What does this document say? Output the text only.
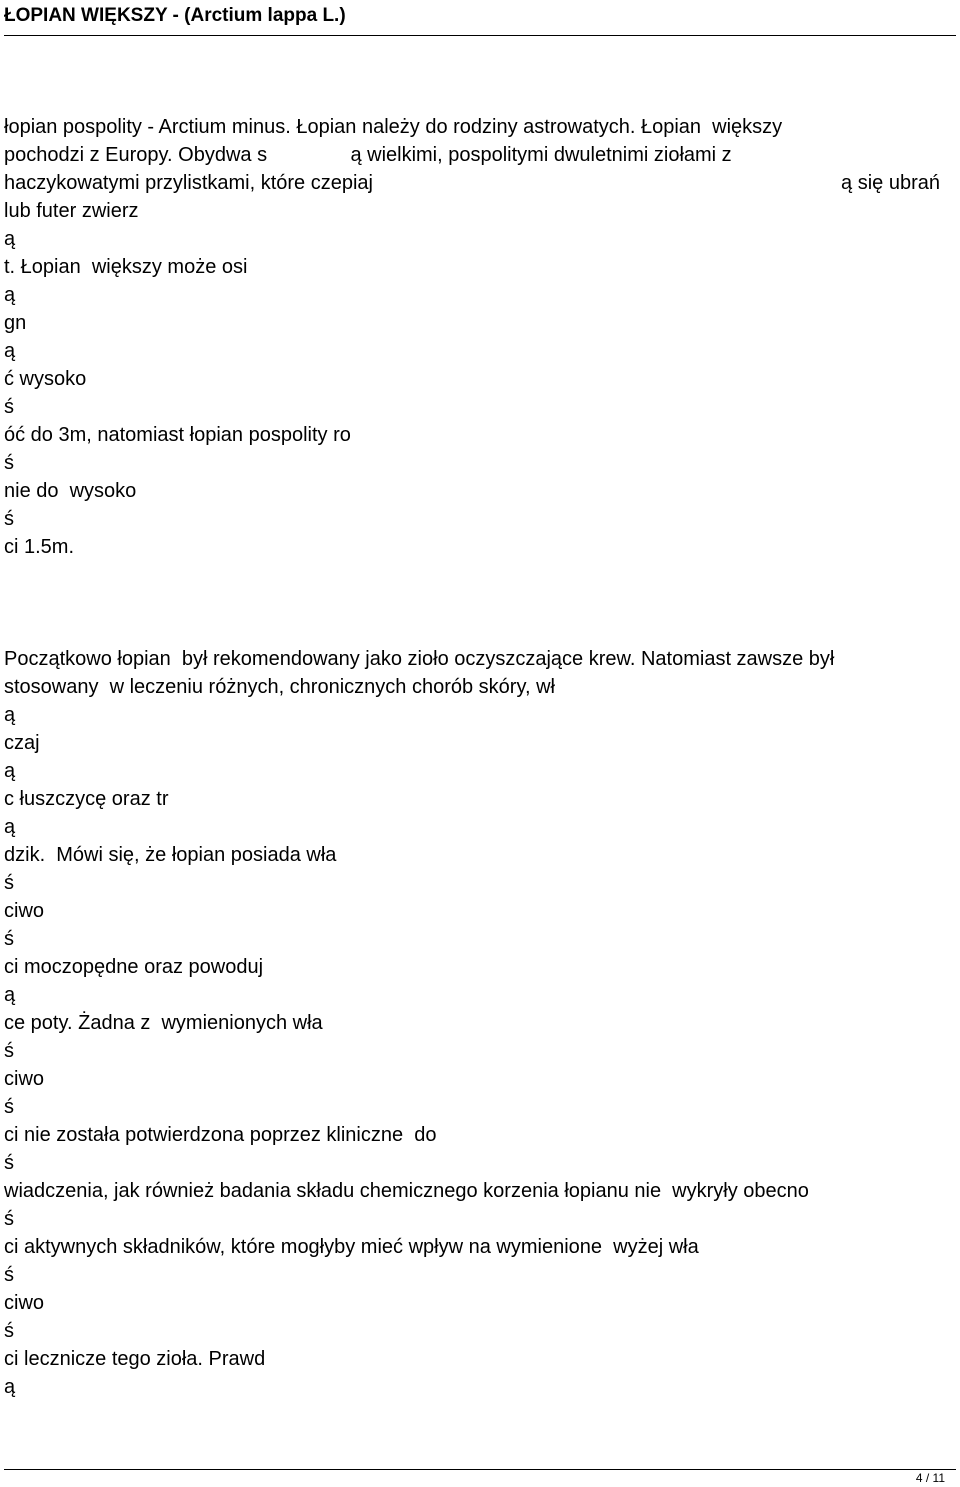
ŁOPIAN WIĘKSZY - (Arctium lappa L.)
łopian pospolity - Arctium minus. Łopian należy do rodziny astrowatych. Łopian  większy
pochodzi z Europy. Obydwa s               ą wielkimi, pospolitymi dwuletnimi ziołami z
haczykowatymi przylistkami, które czepiaj	ą się ubrań
lub futer zwierz
ą
t. Łopian  większy może osi
ą
gn
ą
ć wysoko
ś
óć do 3m, natomiast łopian pospolity ro
ś
nie do  wysoko
ś
ci 1.5m.
Początkowo łopian  był rekomendowany jako zioło oczyszczające krew. Natomiast zawsze był
stosowany  w leczeniu różnych, chronicznych chorób skóry, wł
ą
czaj
ą
c łuszczycę oraz tr
ą
dzik.  Mówi się, że łopian posiada wła
ś
ciwo
ś
ci moczopędne oraz powoduj
ą
ce poty. Żadna z  wymienionych wła
ś
ciwo
ś
ci nie została potwierdzona poprzez kliniczne  do
ś
wiadczenia, jak również badania składu chemicznego korzenia łopianu nie  wykryły obecno
ś
ci aktywnych składników, które mogłyby mieć wpływ na wymienione  wyżej wła
ś
ciwo
ś
ci lecznicze tego zioła. Prawd
ą
4 / 11
